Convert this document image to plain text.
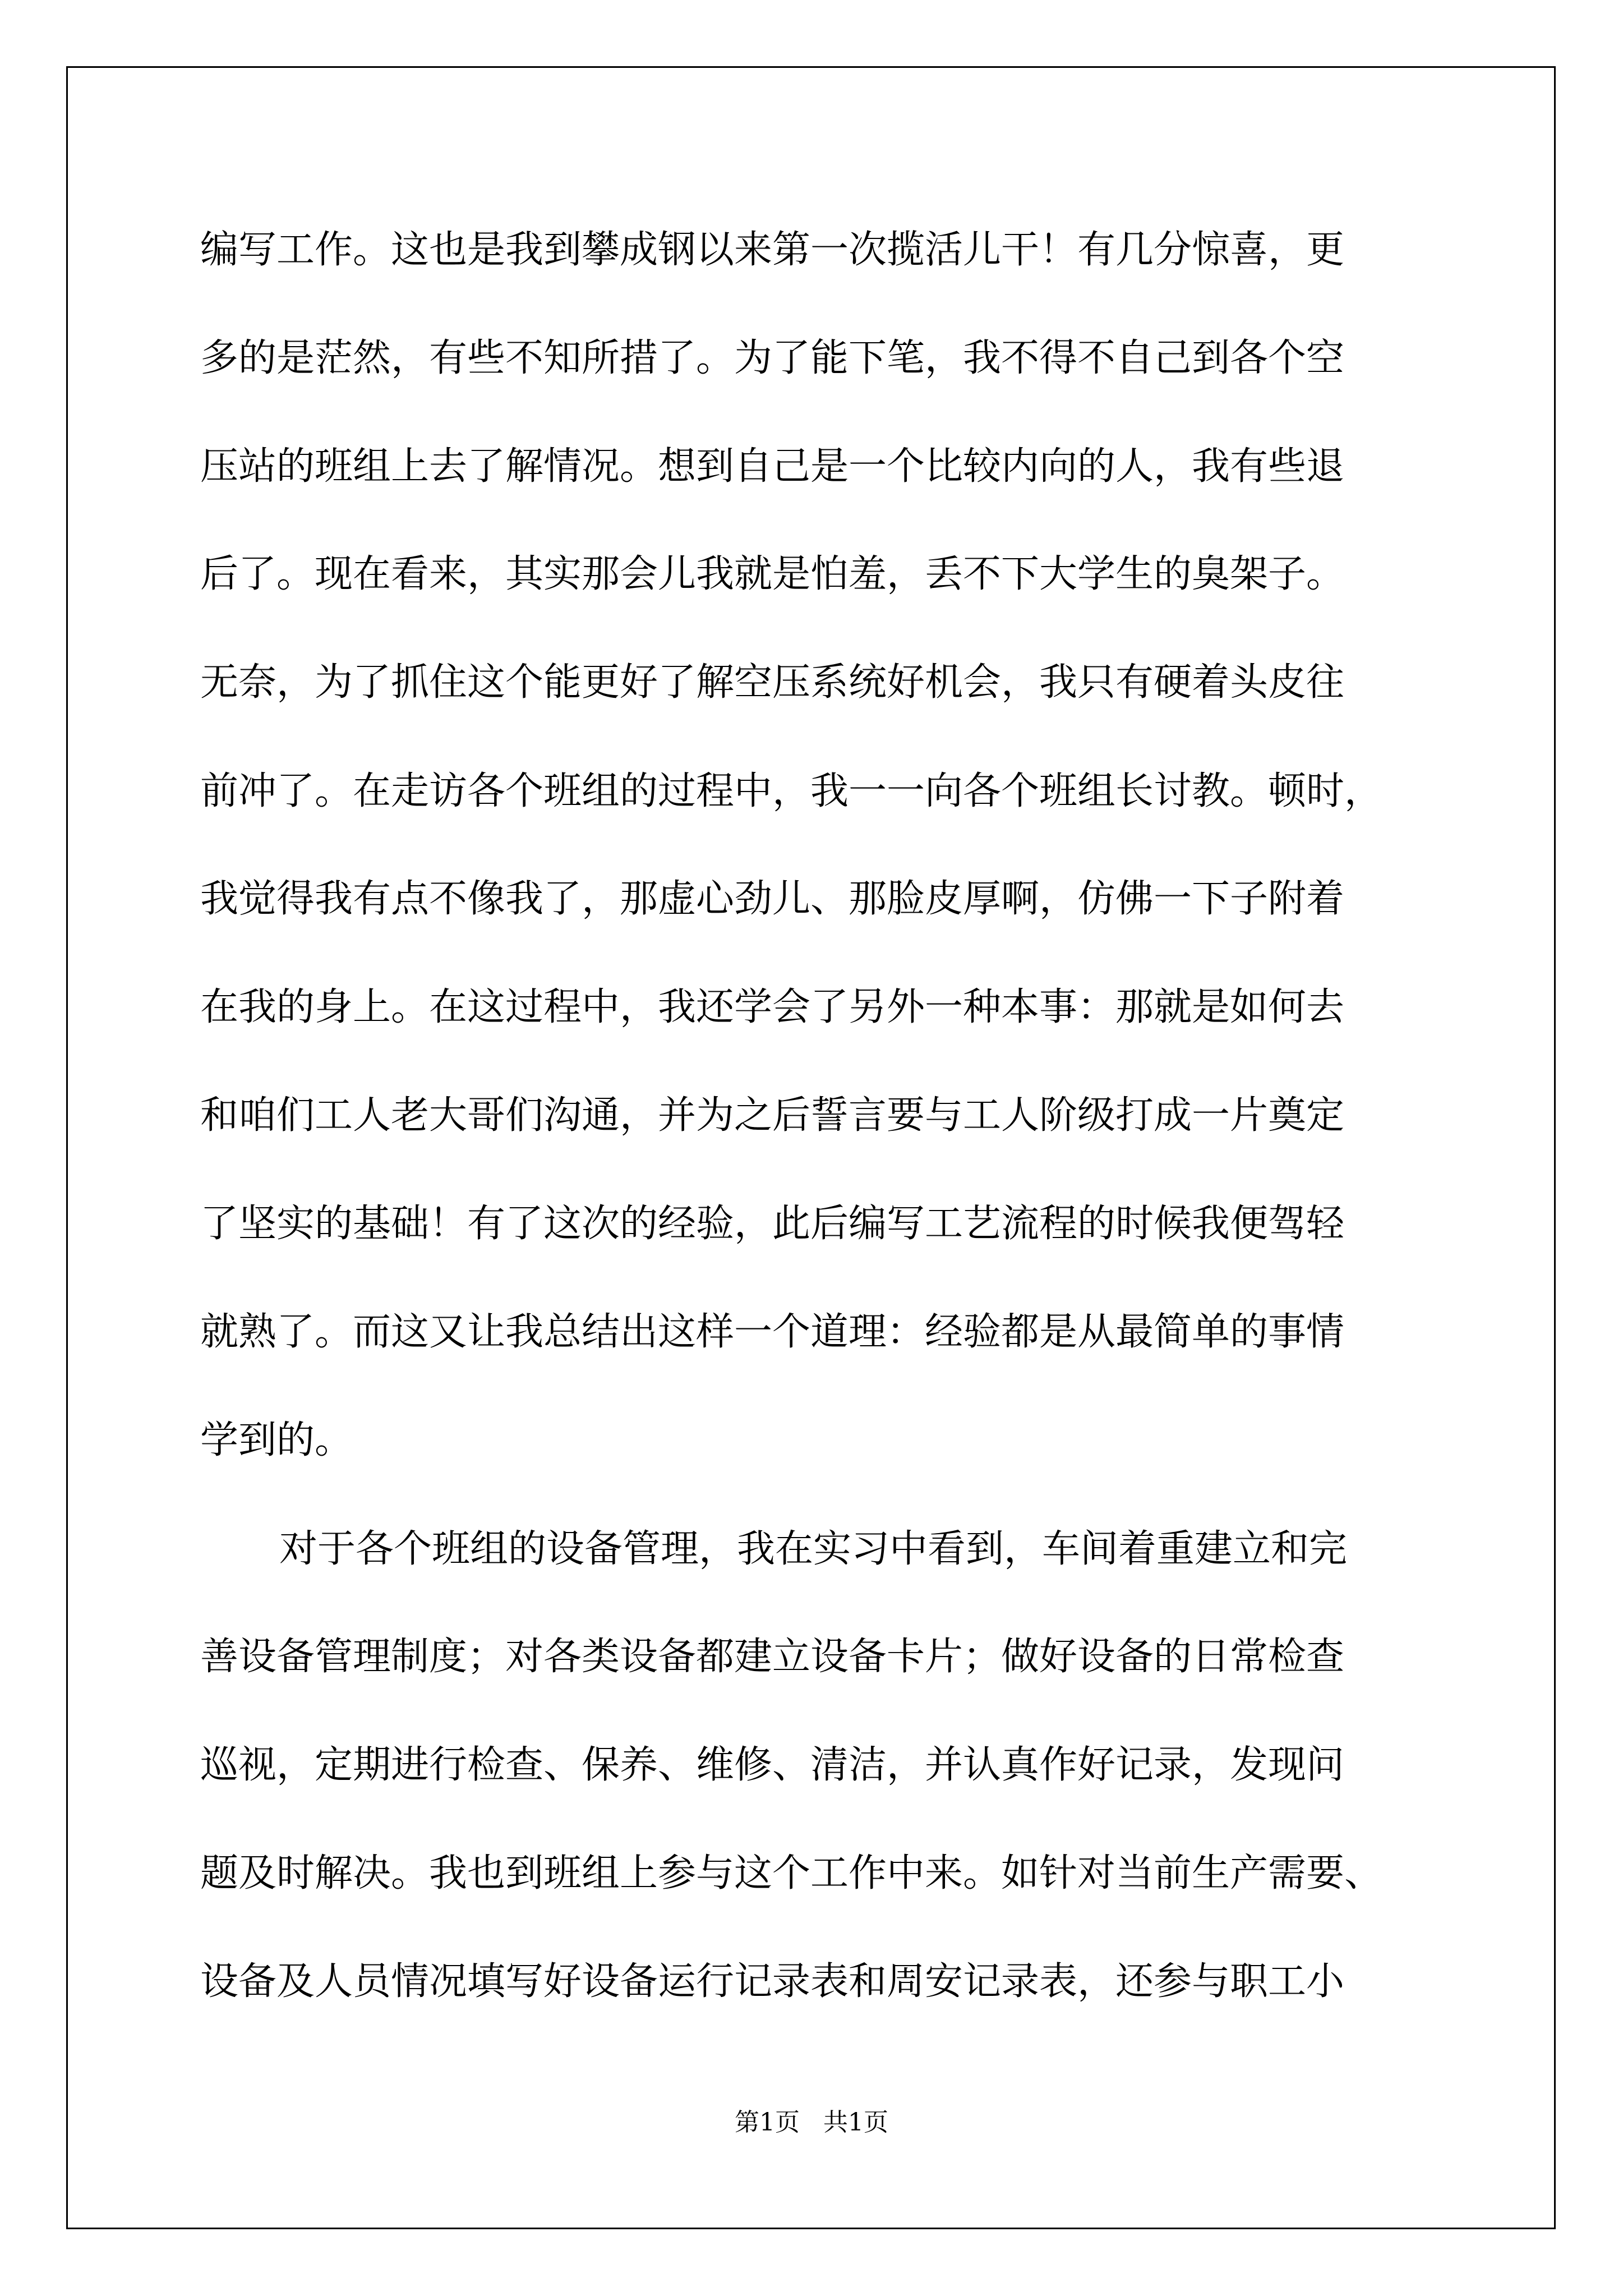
编写工作。这也是我到攀成钢以来第一次揽活儿干！有几分惊喜，更
多的是茫然，有些不知所措了。为了能下笔，我不得不自己到各个空
压站的班组上去了解情况。想到自己是一个比较内向的人，我有些退
后了。现在看来，其实那会儿我就是怕羞，丢不下大学生的臭架子。
无奈，为了抓住这个能更好了解空压系统好机会，我只有硬着头皮往
前冲了。在走访各个班组的过程中，我一一向各个班组长讨教。顿时，
我觉得我有点不像我了，那虚心劲儿、那脸皮厚啊，仿佛一下子附着
在我的身上。在这过程中，我还学会了另外一种本事：那就是如何去
和咱们工人老大哥们沟通，并为之后誓言要与工人阶级打成一片奠定
了坚实的基础！有了这次的经验，此后编写工艺流程的时候我便驾轻
就熟了。而这又让我总结出这样一个道理：经验都是从最简单的事情
学到的。
对于各个班组的设备管理，我在实习中看到，车间着重建立和完
善设备管理制度；对各类设备都建立设备卡片；做好设备的日常检查
巡视，定期进行检查、保养、维修、清洁，并认真作好记录，发现问
题及时解决。我也到班组上参与这个工作中来。如针对当前生产需要、
设备及人员情况填写好设备运行记录表和周安记录表，还参与职工小
第1页   共1页
